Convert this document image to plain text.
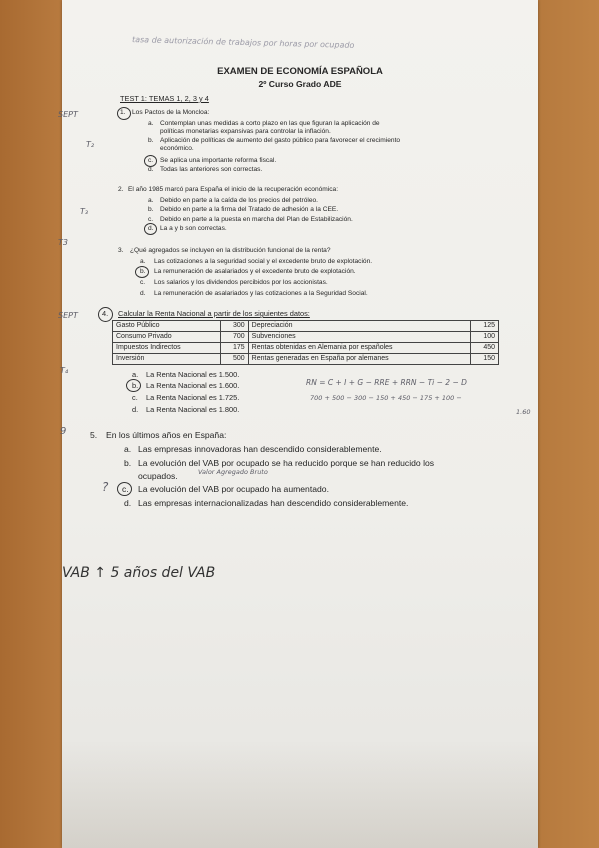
tasa de autorización de trabajos por horas por ocupado
EXAMEN DE ECONOMÍA ESPAÑOLA
2º Curso Grado ADE
TEST 1: TEMAS 1, 2, 3 y 4
SEPT
T₂
1. Los Pactos de la Moncloa:
a. Contemplan unas medidas a corto plazo en las que figuran la aplicación de
políticas monetarias expansivas para controlar la inflación.
b. Aplicación de políticas de aumento del gasto público para favorecer el crecimiento
económico.
c. Se aplica una importante reforma fiscal.
d. Todas las anteriores son correctas.
T₃
2. El año 1985 marcó para España el inicio de la recuperación económica:
a. Debido en parte a la caída de los precios del petróleo.
b. Debido en parte a la firma del Tratado de adhesión a la CEE.
c. Debido en parte a la puesta en marcha del Plan de Estabilización.
d. La a y b son correctas.
T3
3. ¿Qué agregados se incluyen en la distribución funcional de la renta?
a. Las cotizaciones a la seguridad social y el excedente bruto de explotación.
b. La remuneración de asalariados y el excedente bruto de explotación.
c. Los salarios y los dividendos percibidos por los accionistas.
d. La remuneración de asalariados y las cotizaciones a la Seguridad Social.
SEPT
T₄
4. Calcular la Renta Nacional a partir de los siguientes datos:
Gasto Público	300	Depreciación	125
Consumo Privado	700	Subvenciones	100
Impuestos Indirectos	175	Rentas obtenidas en Alemania por españoles	450
Inversión	500	Rentas generadas en España por alemanes	150
a. La Renta Nacional es 1.500.
b. La Renta Nacional es 1.600.
c. La Renta Nacional es 1.725.
d. La Renta Nacional es 1.800.
RN = C + I + G − RRE + RRN − Ti − 2 − D
700 + 500 − 300 − 150 + 450 − 175 + 100 −
1.60
9	5. En los últimos años en España:
a. Las empresas innovadoras han descendido considerablemente.
b. La evolución del VAB por ocupado se ha reducido porque se han reducido los
ocupados.	Valor Agregado Bruto
? c. La evolución del VAB por ocupado ha aumentado.
d. Las empresas internacionalizadas han descendido considerablemente.
VAB ↑ 5 años del VAB
